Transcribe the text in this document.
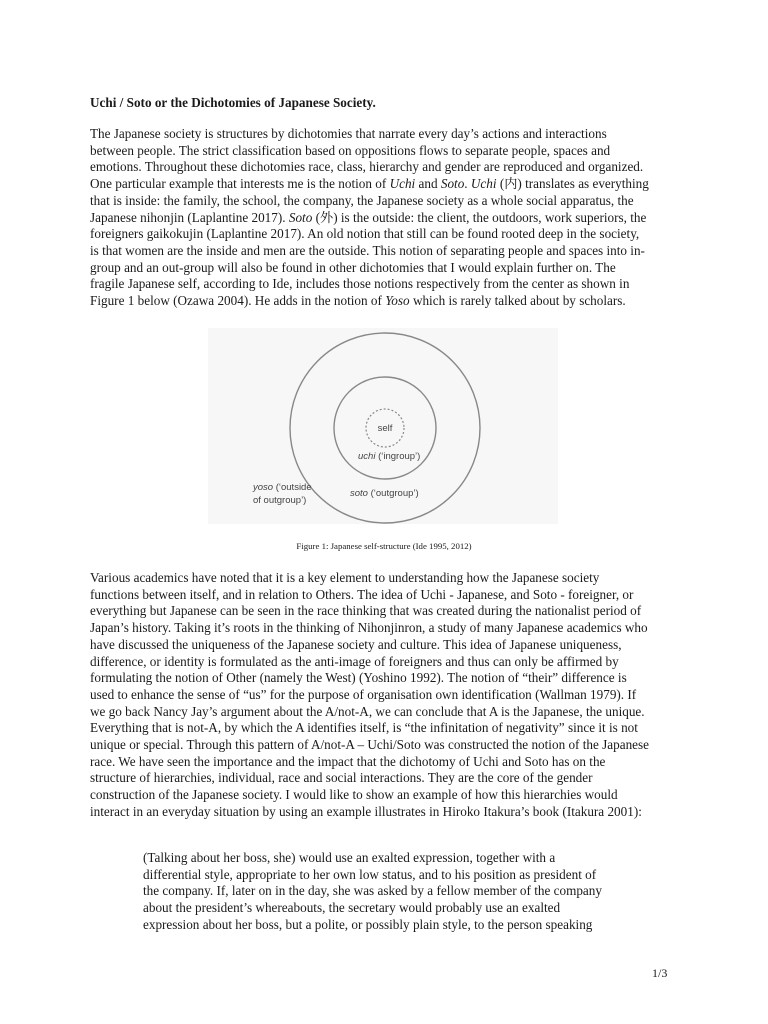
Uchi / Soto or the Dichotomies of Japanese Society.
The Japanese society is structures by dichotomies that narrate every day’s actions and interactions
between people. The strict classification based on oppositions flows to separate people, spaces and
emotions. Throughout these dichotomies race, class, hierarchy and gender are reproduced and organized.
One particular example that interests me is the notion of Uchi and Soto. Uchi (内) translates as everything
that is inside: the family, the school, the company, the Japanese society as a whole social apparatus, the
Japanese nihonjin (Laplantine 2017). Soto (外) is the outside: the client, the outdoors, work superiors, the
foreigners gaikokujin (Laplantine 2017). An old notion that still can be found rooted deep in the society,
is that women are the inside and men are the outside. This notion of separating people and spaces into in-
group and an out-group will also be found in other dichotomies that I would explain further on. The
fragile Japanese self, according to Ide, includes those notions respectively from the center as shown in
Figure 1 below (Ozawa 2004). He adds in the notion of Yoso which is rarely talked about by scholars.
self
uchi (‘ingroup’)
soto (‘outgroup’)
yoso (‘outside
of outgroup’)

Figure 1: Japanese self-structure (Ide 1995, 2012)

Various academics have noted that it is a key element to understanding how the Japanese society
functions between itself, and in relation to Others. The idea of Uchi - Japanese, and Soto - foreigner, or
everything but Japanese can be seen in the race thinking that was created during the nationalist period of
Japan’s history. Taking it’s roots in the thinking of Nihonjinron, a study of many Japanese academics who
have discussed the uniqueness of the Japanese society and culture. This idea of Japanese uniqueness,
difference, or identity is formulated as the anti-image of foreigners and thus can only be affirmed by
formulating the notion of Other (namely the West) (Yoshino 1992). The notion of “their” difference is
used to enhance the sense of “us” for the purpose of organisation own identification (Wallman 1979). If
we go back Nancy Jay’s argument about the A/not-A, we can conclude that A is the Japanese, the unique.
Everything that is not-A, by which the A identifies itself, is “the infinitation of negativity” since it is not
unique or special. Through this pattern of A/not-A – Uchi/Soto was constructed the notion of the Japanese
race. We have seen the importance and the impact that the dichotomy of Uchi and Soto has on the
structure of hierarchies, individual, race and social interactions. They are the core of the gender
construction of the Japanese society. I would like to show an example of how this hierarchies would
interact in an everyday situation by using an example illustrates in Hiroko Itakura’s book (Itakura 2001):
(Talking about her boss, she) would use an exalted expression, together with a
differential style, appropriate to her own low status, and to his position as president of
the company. If, later on in the day, she was asked by a fellow member of the company
about the president’s whereabouts, the secretary would probably use an exalted
expression about her boss, but a polite, or possibly plain style, to the person speaking

1/3
